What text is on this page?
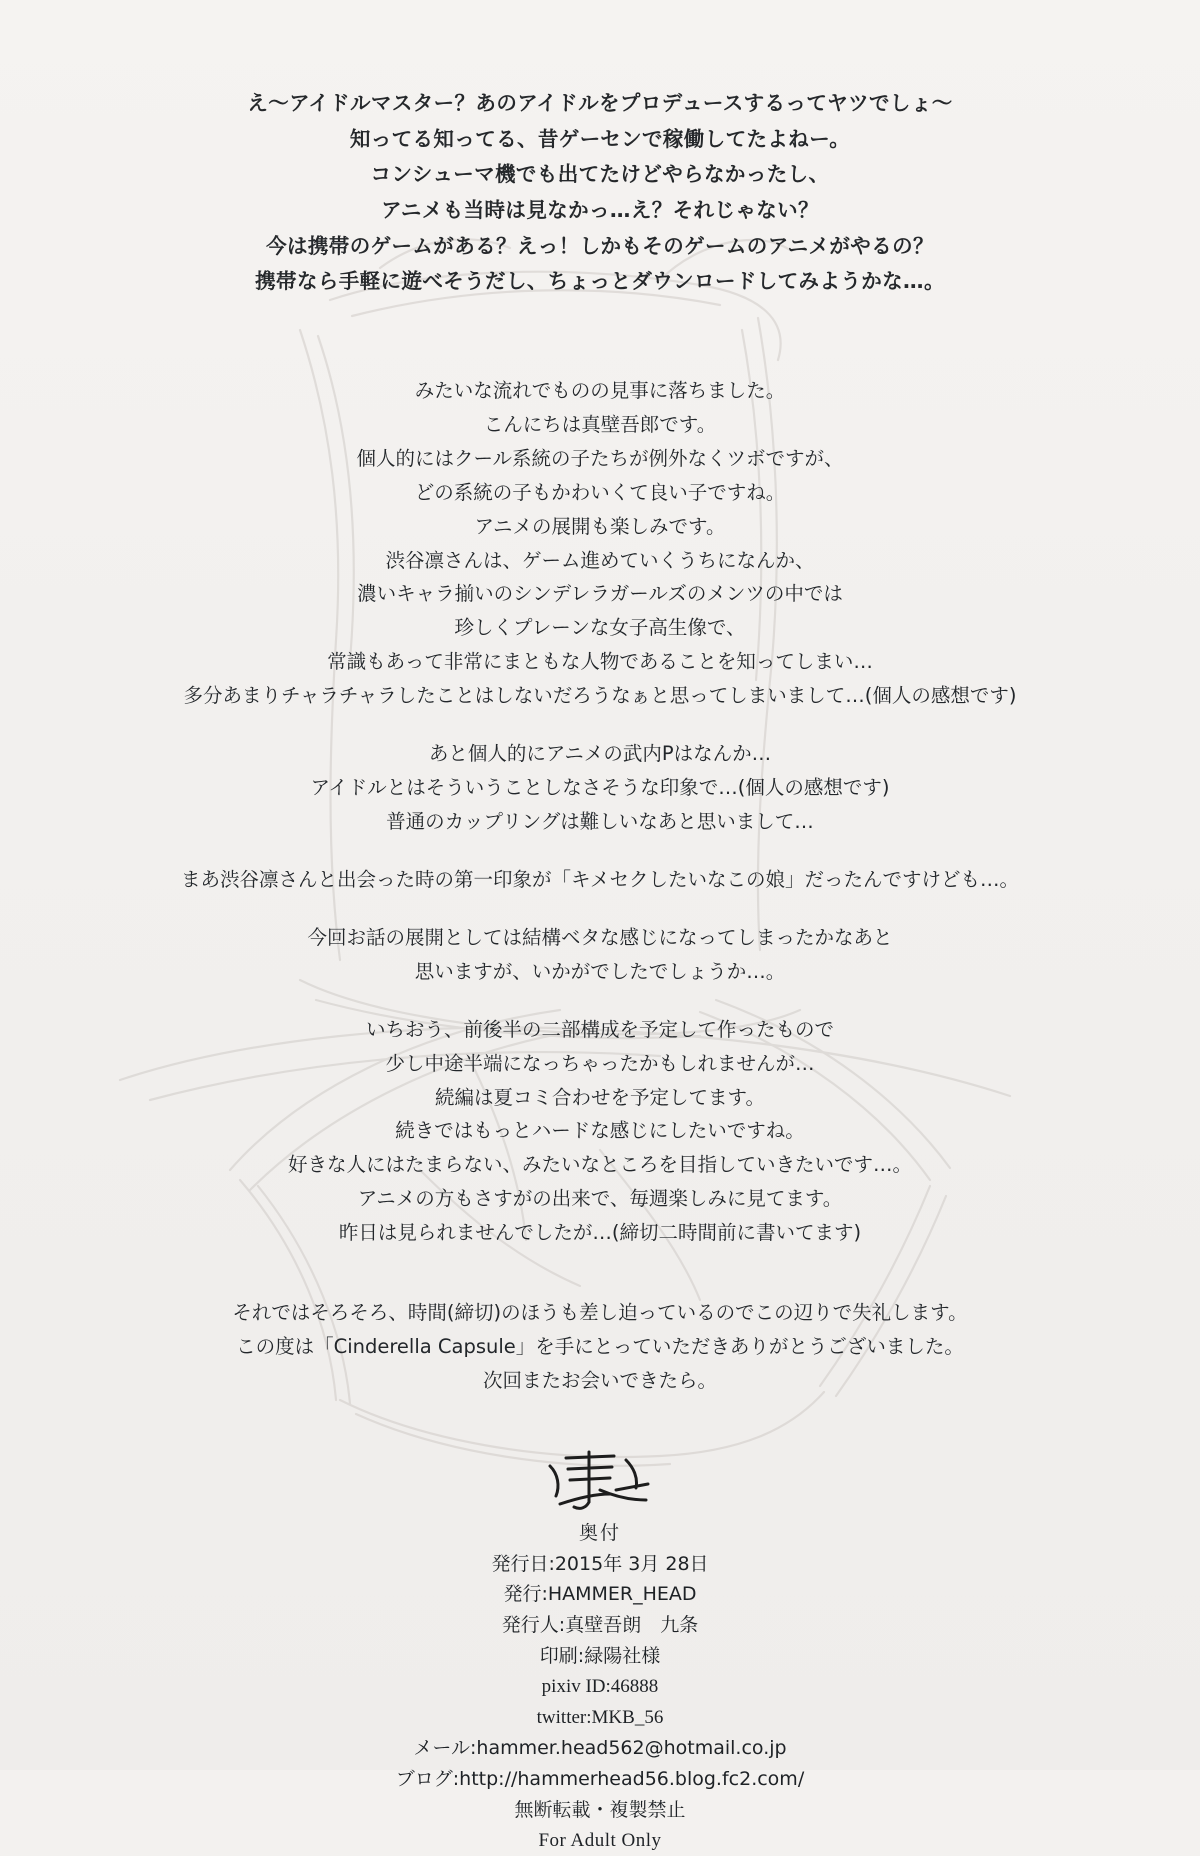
え〜アイドルマスター？あのアイドルをプロデュースするってヤツでしょ〜
知ってる知ってる、昔ゲーセンで稼働してたよねー。
コンシューマ機でも出てたけどやらなかったし、
アニメも当時は見なかっ…え？それじゃない？
今は携帯のゲームがある？えっ！しかもそのゲームのアニメがやるの？
携帯なら手軽に遊べそうだし、ちょっとダウンロードしてみようかな…。
みたいな流れでものの見事に落ちました。
こんにちは真壁吾郎です。
個人的にはクール系統の子たちが例外なくツボですが、
どの系統の子もかわいくて良い子ですね。
アニメの展開も楽しみです。
渋谷凛さんは、ゲーム進めていくうちになんか、
濃いキャラ揃いのシンデレラガールズのメンツの中では
珍しくプレーンな女子高生像で、
常識もあって非常にまともな人物であることを知ってしまい…
多分あまりチャラチャラしたことはしないだろうなぁと思ってしまいまして…(個人の感想です)
あと個人的にアニメの武内Pはなんか…
アイドルとはそういうことしなさそうな印象で…(個人の感想です)
普通のカップリングは難しいなあと思いまして…
まあ渋谷凛さんと出会った時の第一印象が「キメセクしたいなこの娘」だったんですけども…。
今回お話の展開としては結構ベタな感じになってしまったかなあと
思いますが、いかがでしたでしょうか…。
いちおう、前後半の二部構成を予定して作ったもので
少し中途半端になっちゃったかもしれませんが…
続編は夏コミ合わせを予定してます。
続きではもっとハードな感じにしたいですね。
好きな人にはたまらない、みたいなところを目指していきたいです…。
アニメの方もさすがの出来で、毎週楽しみに見てます。
昨日は見られませんでしたが…(締切二時間前に書いてます)
それではそろそろ、時間(締切)のほうも差し迫っているのでこの辺りで失礼します。
この度は「Cinderella Capsule」を手にとっていただきありがとうございました。
次回またお会いできたら。
奥付
発行日:2015年 3月 28日
発行:HAMMER_HEAD
発行人:真壁吾朗　九条
印刷:緑陽社様
pixiv ID:46888
twitter:MKB_56
メール:hammer.head562@hotmail.co.jp
ブログ:http://hammerhead56.blog.fc2.com/
無断転載・複製禁止
For Adult Only
